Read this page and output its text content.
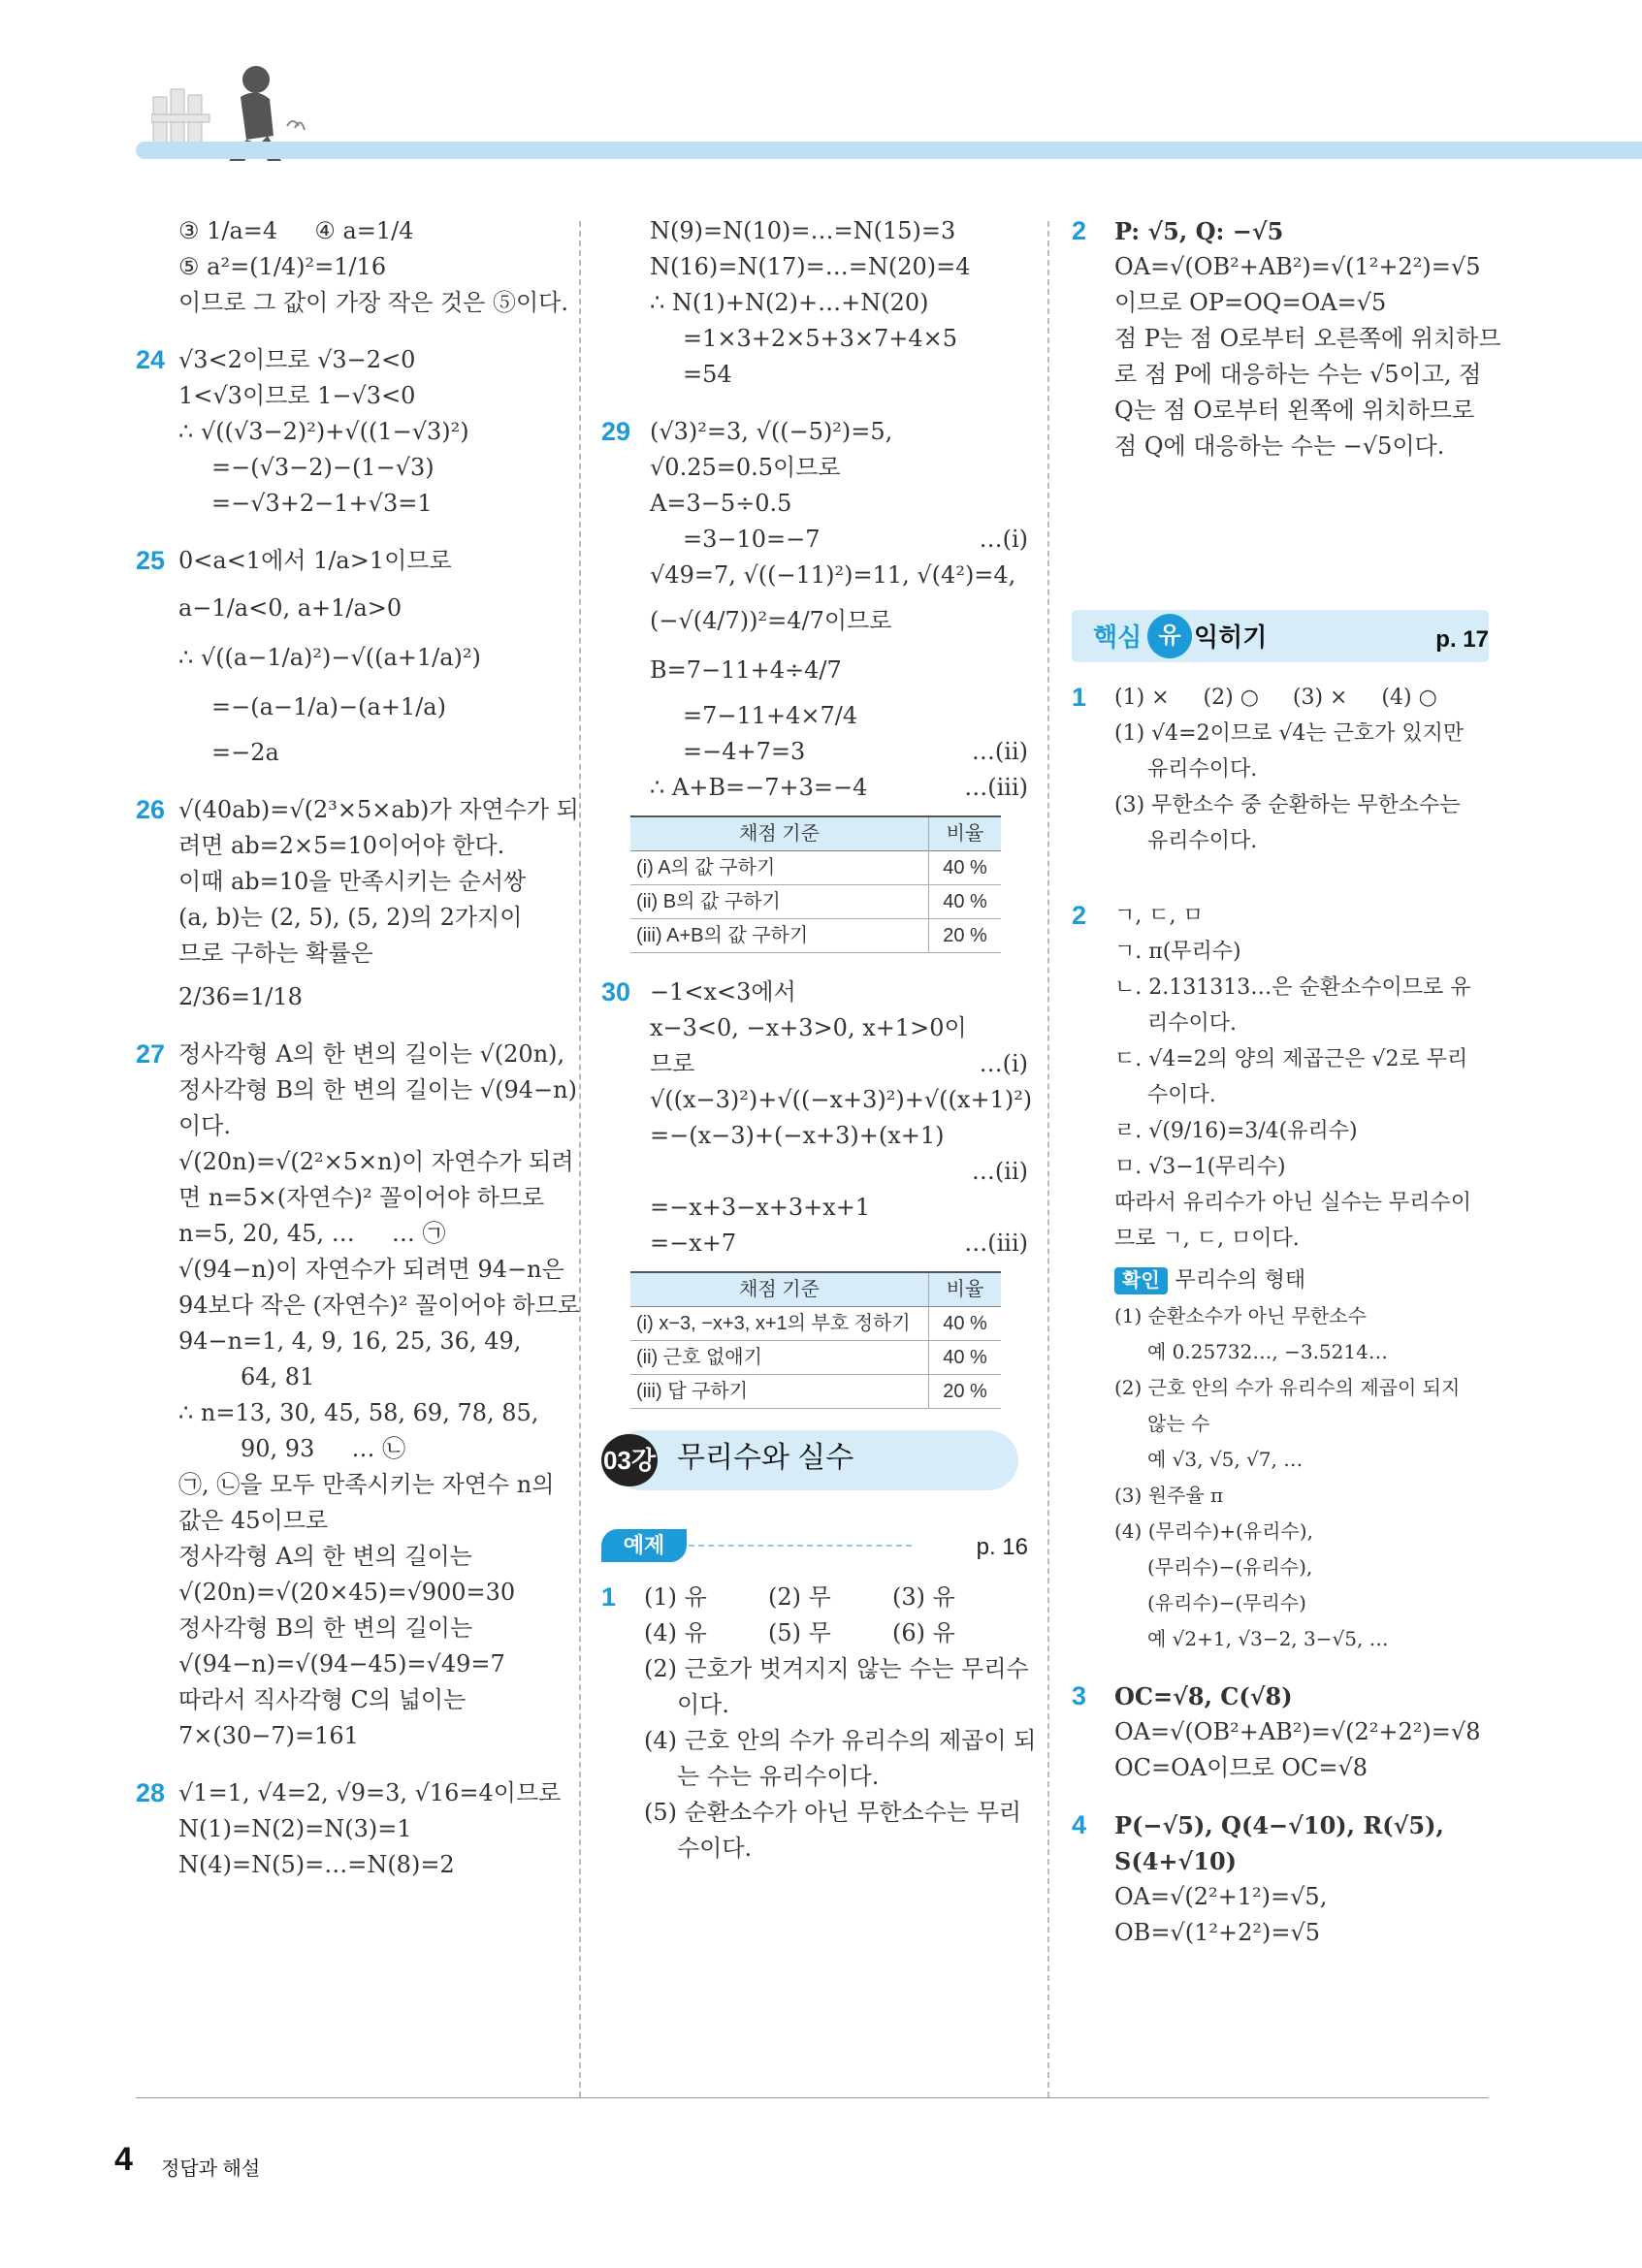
③ 1/a=4     ④ a=1/4
⑤ a²=(1/4)²=1/16
이므로 그 값이 가장 작은 것은 ⑤이다.
24 √3<2이므로 √3−2<0
1<√3이므로 1−√3<0
∴ √((√3−2)²)+√((1−√3)²)
=−(√3−2)−(1−√3)
=−√3+2−1+√3=1
25 0<a<1에서 1/a>1이므로
a−1/a<0, a+1/a>0
∴ √((a−1/a)²)−√((a+1/a)²)
=−(a−1/a)−(a+1/a)
=−2a
26 √(40ab)=√(2³×5×ab)가 자연수가 되
려면 ab=2×5=10이어야 한다.
이때 ab=10을 만족시키는 순서쌍
(a, b)는 (2, 5), (5, 2)의 2가지이
므로 구하는 확률은
2/36=1/18
27 정사각형 A의 한 변의 길이는 √(20n),
정사각형 B의 한 변의 길이는 √(94−n)
이다.
√(20n)=√(2²×5×n)이 자연수가 되려
면 n=5×(자연수)² 꼴이어야 하므로
n=5, 20, 45, …     … ㉠
√(94−n)이 자연수가 되려면 94−n은
94보다 작은 (자연수)² 꼴이어야 하므로
94−n=1, 4, 9, 16, 25, 36, 49,
64, 81
∴ n=13, 30, 45, 58, 69, 78, 85,
90, 93     … ㉡
㉠, ㉡을 모두 만족시키는 자연수 n의
값은 45이므로
정사각형 A의 한 변의 길이는
√(20n)=√(20×45)=√900=30
정사각형 B의 한 변의 길이는
√(94−n)=√(94−45)=√49=7
따라서 직사각형 C의 넓이는
7×(30−7)=161
28 √1=1, √4=2, √9=3, √16=4이므로
N(1)=N(2)=N(3)=1
N(4)=N(5)=…=N(8)=2
N(9)=N(10)=…=N(15)=3
N(16)=N(17)=…=N(20)=4
∴ N(1)+N(2)+…+N(20)
=1×3+2×5+3×7+4×5
=54
29 (√3)²=3, √((−5)²)=5,
√0.25=0.5이므로
A=3−5÷0.5
=3−10=−7	…(i)
√49=7, √((−11)²)=11, √(4²)=4,
(−√(4/7))²=4/7이므로
B=7−11+4÷4/7
=7−11+4×7/4
=−4+7=3	…(ii)
∴ A+B=−7+3=−4	…(iii)
채점 기준	비율
(i) A의 값 구하기	40 %
(ii) B의 값 구하기	40 %
(iii) A+B의 값 구하기	20 %
30 −1<x<3에서
x−3<0, −x+3>0, x+1>0이
므로	…(i)
√((x−3)²)+√((−x+3)²)+√((x+1)²)
=−(x−3)+(−x+3)+(x+1)
…(ii)
=−x+3−x+3+x+1
=−x+7	…(iii)
채점 기준	비율
(i) x−3, −x+3, x+1의 부호 정하기	40 %
(ii) 근호 없애기	40 %
(iii) 답 구하기	20 %
03강 무리수와 실수
예제	p. 16
1 (1) 유	(2) 무	(3) 유
(4) 유	(5) 무	(6) 유
(2) 근호가 벗겨지지 않는 수는 무리수
이다.
(4) 근호 안의 수가 유리수의 제곱이 되
는 수는 유리수이다.
(5) 순환소수가 아닌 무한소수는 무리
수이다.
2 P: √5, Q: −√5
OA=√(OB²+AB²)=√(1²+2²)=√5
이므로 OP=OQ=OA=√5
점 P는 점 O로부터 오른쪽에 위치하므
로 점 P에 대응하는 수는 √5이고, 점
Q는 점 O로부터 왼쪽에 위치하므로
점 Q에 대응하는 수는 −√5이다.
핵심 유형
익히기	p. 17
1 (1) ×     (2) ○     (3) ×     (4) ○
(1) √4=2이므로 √4는 근호가 있지만
유리수이다.
(3) 무한소수 중 순환하는 무한소수는
유리수이다.
2 ㄱ, ㄷ, ㅁ
ㄱ. π(무리수)
ㄴ. 2.131313…은 순환소수이므로 유
리수이다.
ㄷ. √4=2의 양의 제곱근은 √2로 무리
수이다.
ㄹ. √(9/16)=3/4(유리수)
ㅁ. √3−1(무리수)
따라서 유리수가 아닌 실수는 무리수이
므로 ㄱ, ㄷ, ㅁ이다.
확인 무리수의 형태
(1) 순환소수가 아닌 무한소수
예 0.25732…, −3.5214…
(2) 근호 안의 수가 유리수의 제곱이 되지
않는 수
예 √3, √5, √7, …
(3) 원주율 π
(4) (무리수)+(유리수),
(무리수)−(유리수),
(유리수)−(무리수)
예 √2+1, √3−2, 3−√5, …
3 OC=√8, C(√8)
OA=√(OB²+AB²)=√(2²+2²)=√8
OC=OA이므로 OC=√8
4 P(−√5), Q(4−√10), R(√5),
S(4+√10)
OA=√(2²+1²)=√5,
OB=√(1²+2²)=√5
4 정답과 해설
